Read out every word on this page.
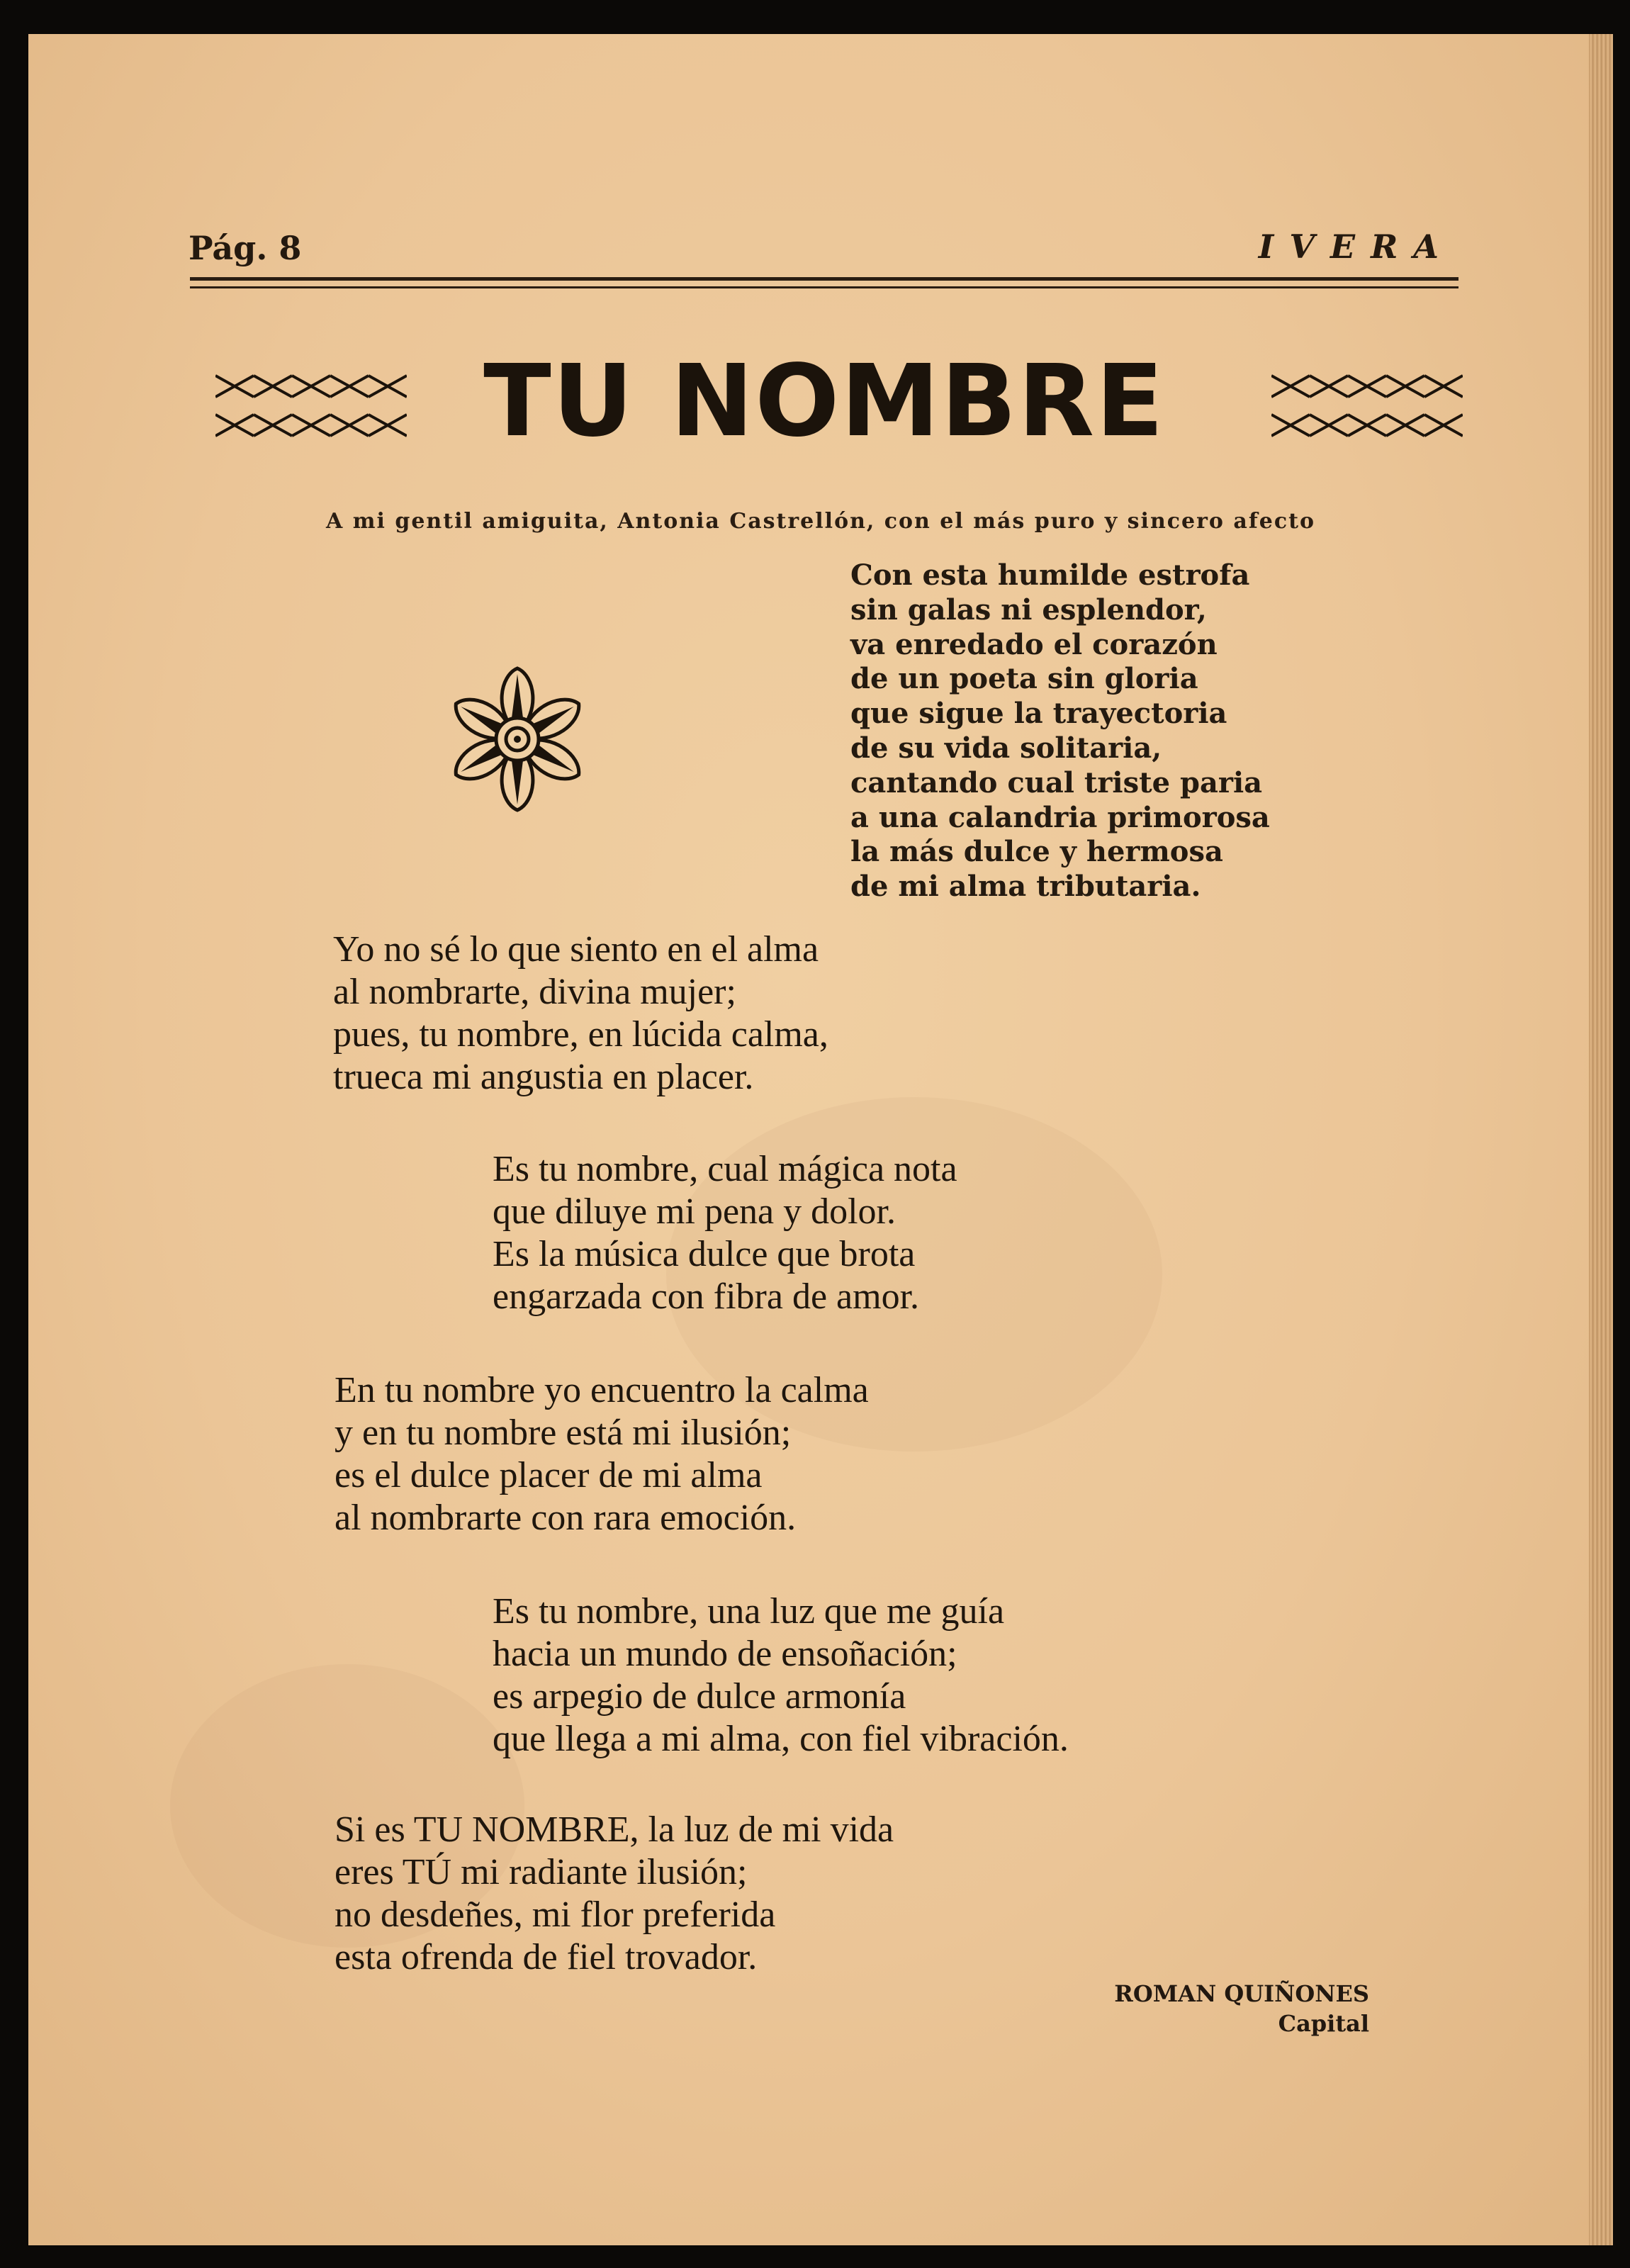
Pág. 8	IVERA
TU NOMBRE
A mi gentil amiguita, Antonia Castrellón, con el más puro y sincero afecto
Con esta humilde estrofa
sin galas ni esplendor,
va enredado el corazón
de un poeta sin gloria
que sigue la trayectoria
de su vida solitaria,
cantando cual triste paria
a una calandria primorosa
la más dulce y hermosa
de mi alma tributaria.
Yo no sé lo que siento en el alma
al nombrarte, divina mujer;
pues, tu nombre, en lúcida calma,
trueca mi angustia en placer.
Es tu nombre, cual mágica nota
que diluye mi pena y dolor.
Es la música dulce que brota
engarzada con fibra de amor.
En tu nombre yo encuentro la calma
y en tu nombre está mi ilusión;
es el dulce placer de mi alma
al nombrarte con rara emoción.
Es tu nombre, una luz que me guía
hacia un mundo de ensoñación;
es arpegio de dulce armonía
que llega a mi alma, con fiel vibración.
Si es TU NOMBRE, la luz de mi vida
eres TÚ mi radiante ilusión;
no desdeñes, mi flor preferida
esta ofrenda de fiel trovador.
ROMAN QUIÑONES
Capital
